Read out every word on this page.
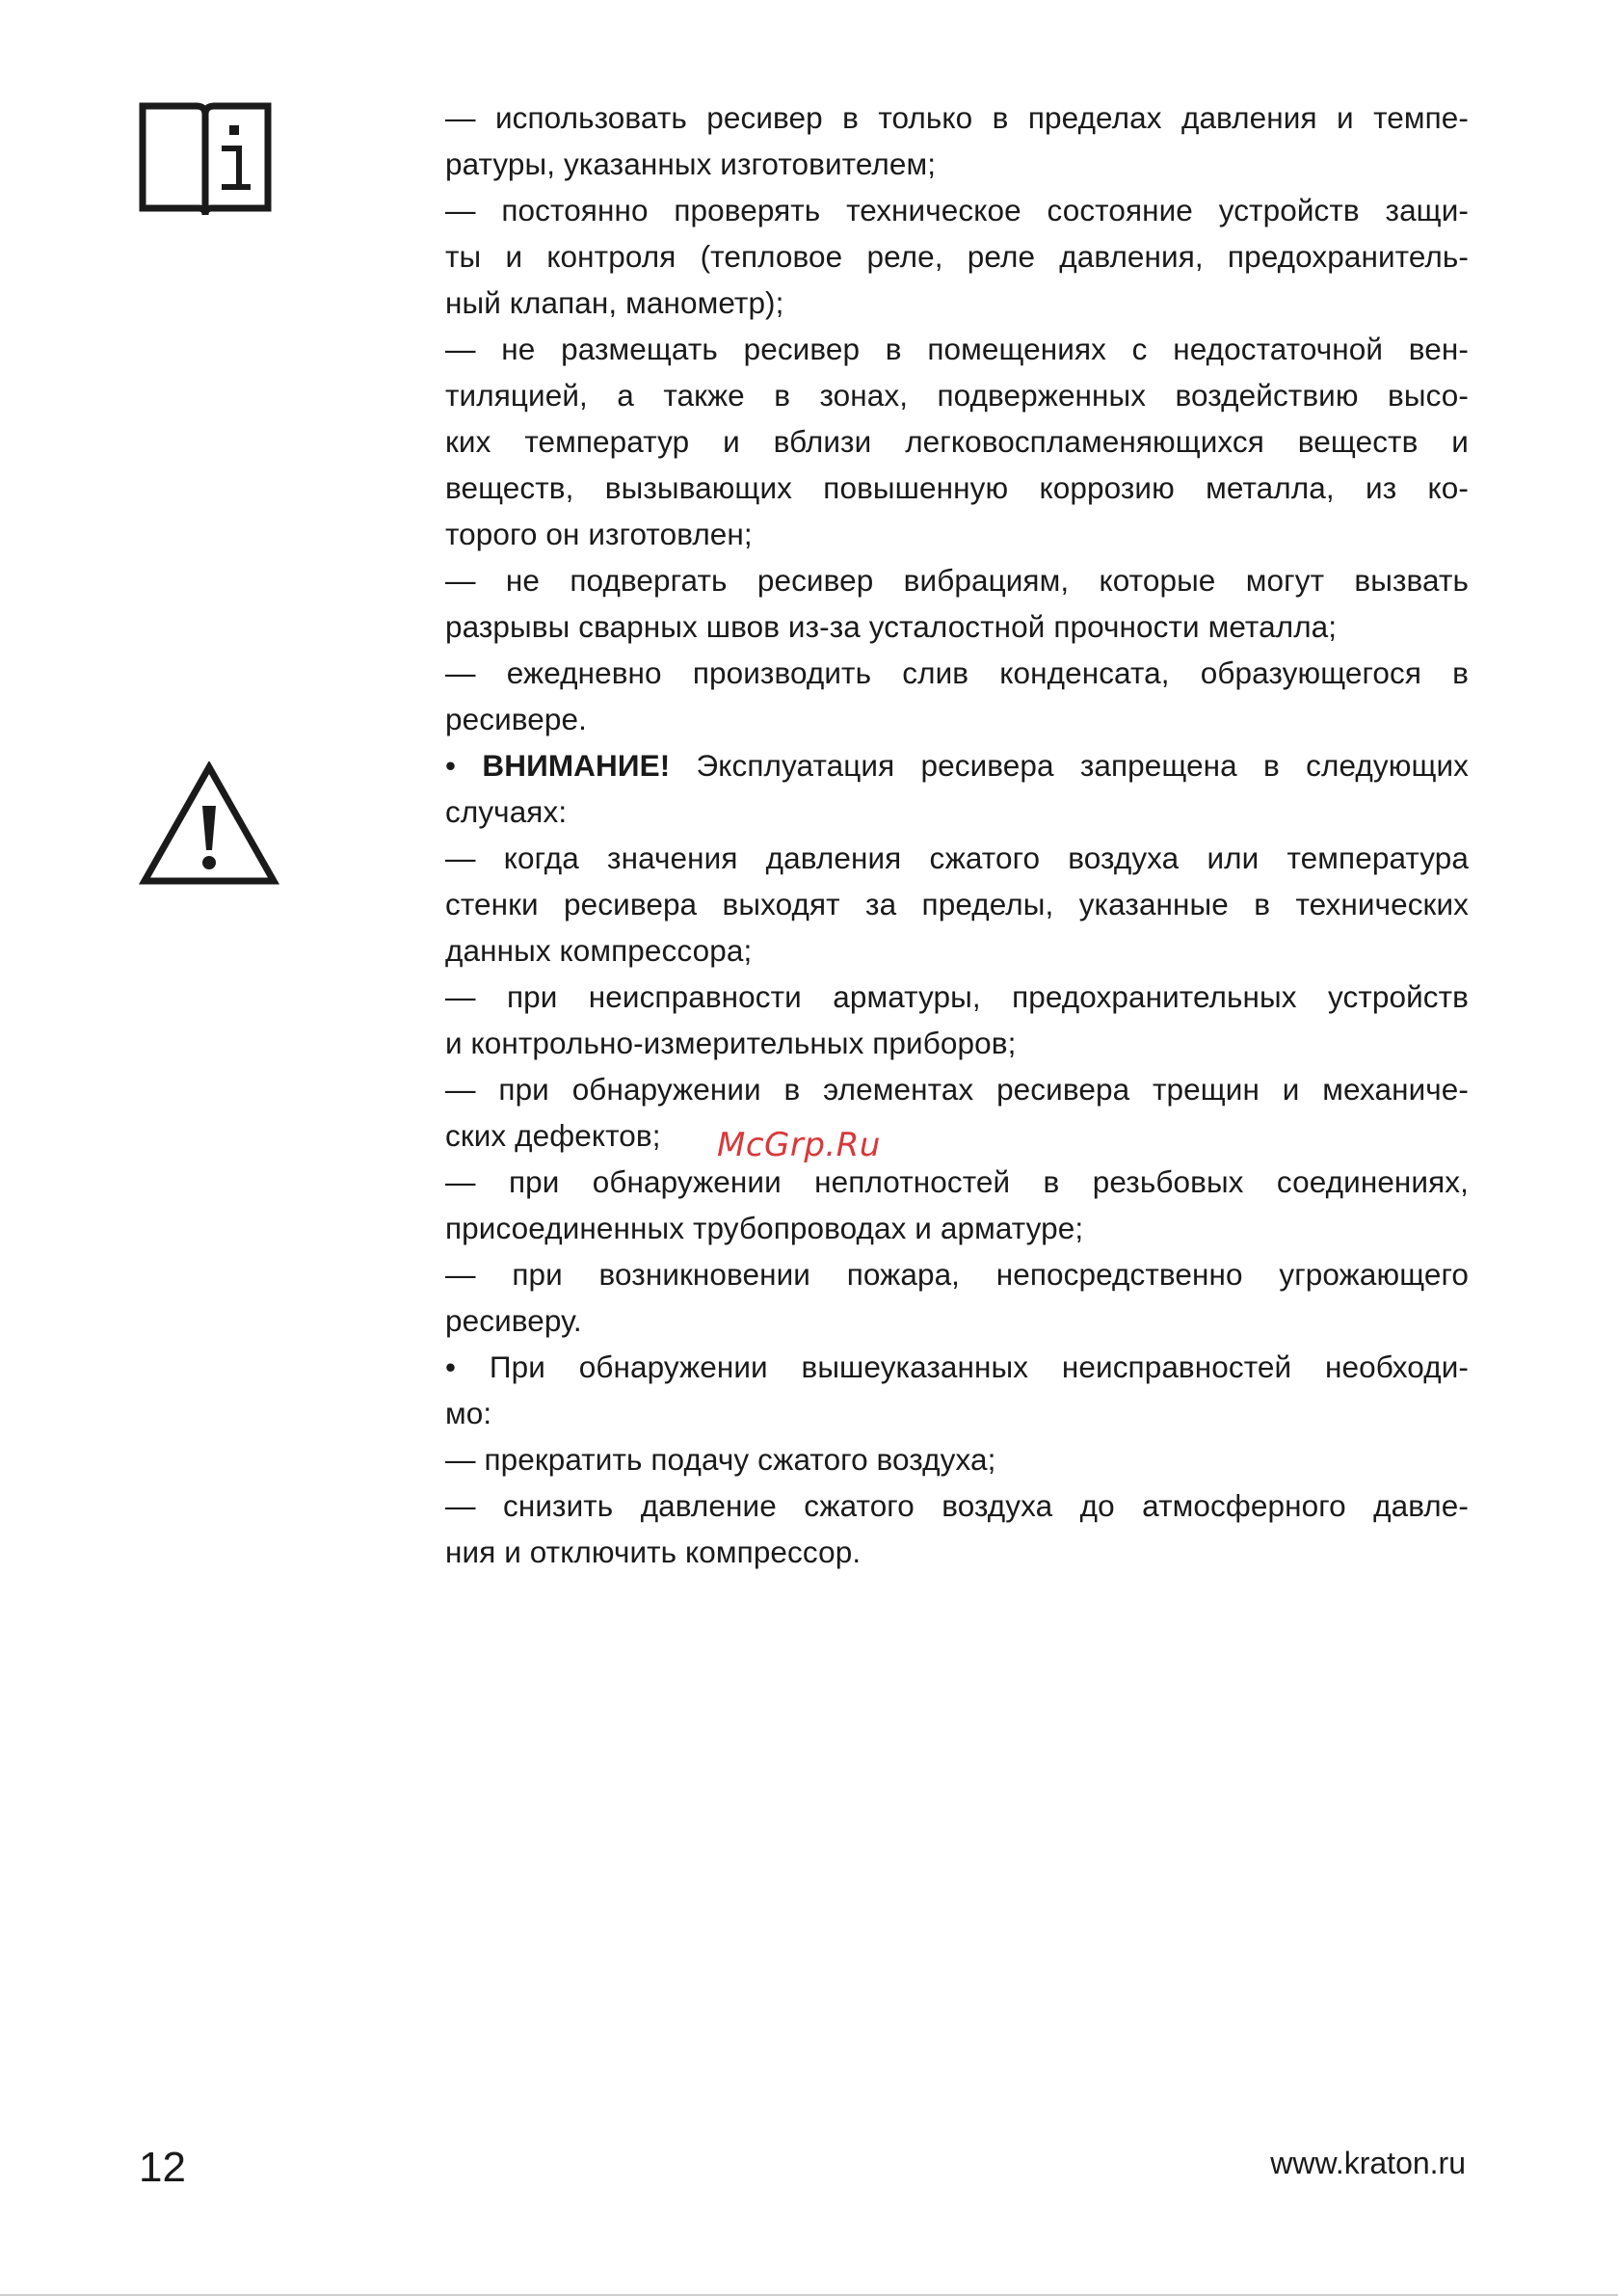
— использовать ресивер в только в пределах давления и темпе-
ратуры, указанных изготовителем;
— постоянно проверять техническое состояние устройств защи-
ты и контроля (тепловое реле, реле давления, предохранитель-
ный клапан, манометр);
— не размещать ресивер в помещениях с недостаточной вен-
тиляцией, а также в зонах, подверженных воздействию высо-
ких температур и вблизи легковоспламеняющихся веществ и
веществ, вызывающих повышенную коррозию металла, из ко-
торого он изготовлен;
— не подвергать ресивер вибрациям, которые могут вызвать
разрывы сварных швов из-за усталостной прочности металла;
— ежедневно производить слив конденсата, образующегося в
ресивере.
• ВНИМАНИЕ! Эксплуатация ресивера запрещена в следующих
случаях:
— когда значения давления сжатого воздуха или температура
стенки ресивера выходят за пределы, указанные в технических
данных компрессора;
— при неисправности арматуры, предохранительных устройств
и контрольно-измерительных приборов;
— при обнаружении в элементах ресивера трещин и механиче-
ских дефектов;
— при обнаружении неплотностей в резьбовых соединениях,
присоединенных трубопроводах и арматуре;
— при возникновении пожара, непосредственно угрожающего
ресиверу.
• При обнаружении вышеуказанных неисправностей необходи-
мо:
— прекратить подачу сжатого воздуха;
— снизить давление сжатого воздуха до атмосферного давле-
ния и отключить компрессор.
McGrp.Ru
12	www.kraton.ru
